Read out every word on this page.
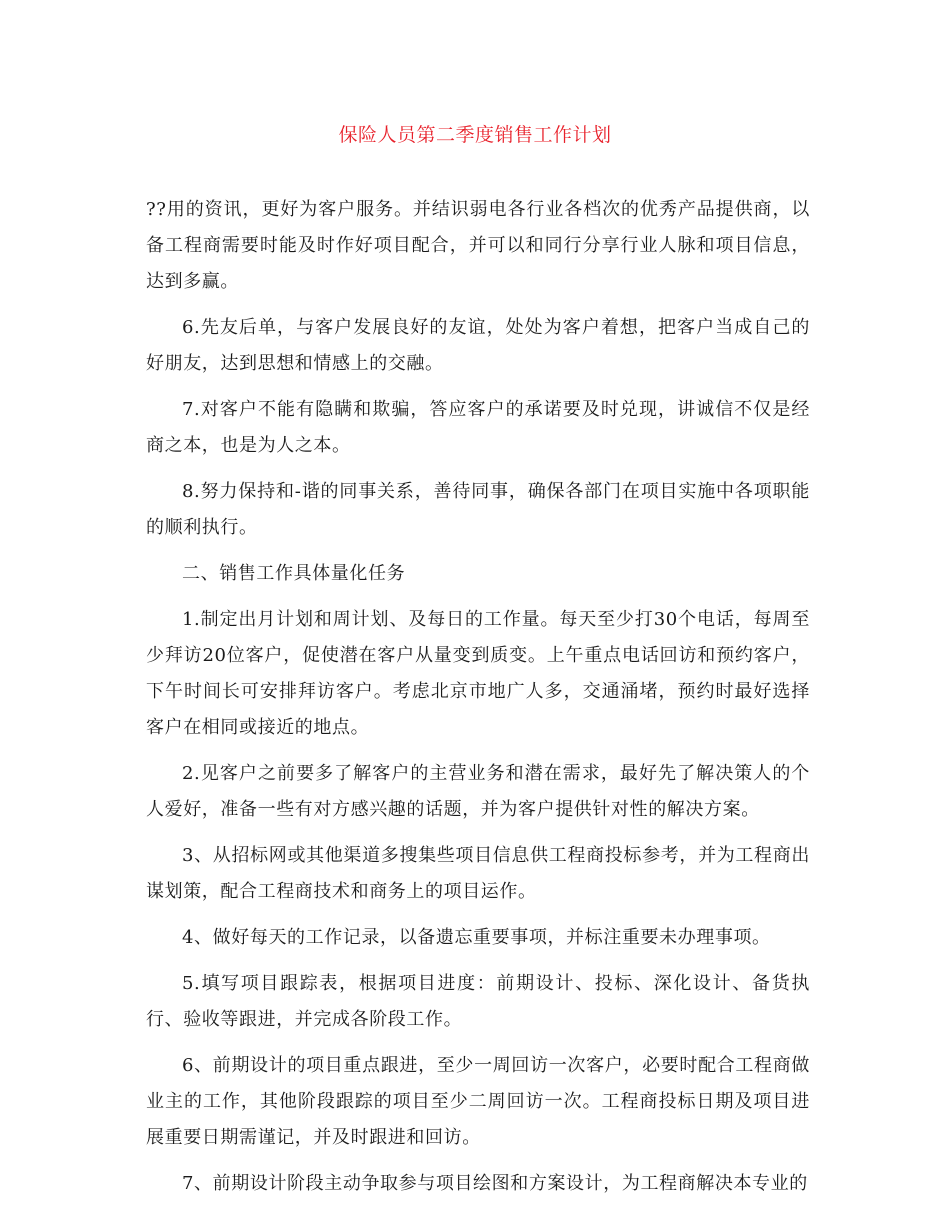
保险人员第二季度销售工作计划

??用的资讯，更好为客户服务。并结识弱电各行业各档次的优秀产品提供商，以备工程商需要时能及时作好项目配合，并可以和同行分享行业人脉和项目信息，达到多赢。

6.先友后单，与客户发展良好的友谊，处处为客户着想，把客户当成自己的好朋友，达到思想和情感上的交融。

7.对客户不能有隐瞒和欺骗，答应客户的承诺要及时兑现，讲诚信不仅是经商之本，也是为人之本。

8.努力保持和-谐的同事关系，善待同事，确保各部门在项目实施中各项职能的顺利执行。

二、销售工作具体量化任务

1.制定出月计划和周计划、及每日的工作量。每天至少打30个电话，每周至少拜访20位客户，促使潜在客户从量变到质变。上午重点电话回访和预约客户，下午时间长可安排拜访客户。考虑北京市地广人多，交通涌堵，预约时最好选择客户在相同或接近的地点。

2.见客户之前要多了解客户的主营业务和潜在需求，最好先了解决策人的个人爱好，准备一些有对方感兴趣的话题，并为客户提供针对性的解决方案。

3、从招标网或其他渠道多搜集些项目信息供工程商投标参考，并为工程商出谋划策，配合工程商技术和商务上的项目运作。

4、做好每天的工作记录，以备遗忘重要事项，并标注重要未办理事项。

5.填写项目跟踪表，根据项目进度：前期设计、投标、深化设计、备货执行、验收等跟进，并完成各阶段工作。

6、前期设计的项目重点跟进，至少一周回访一次客户，必要时配合工程商做业主的工作，其他阶段跟踪的项目至少二周回访一次。工程商投标日期及项目进展重要日期需谨记，并及时跟进和回访。

7、前期设计阶段主动争取参与项目绘图和方案设计，为工程商解决本专业的
